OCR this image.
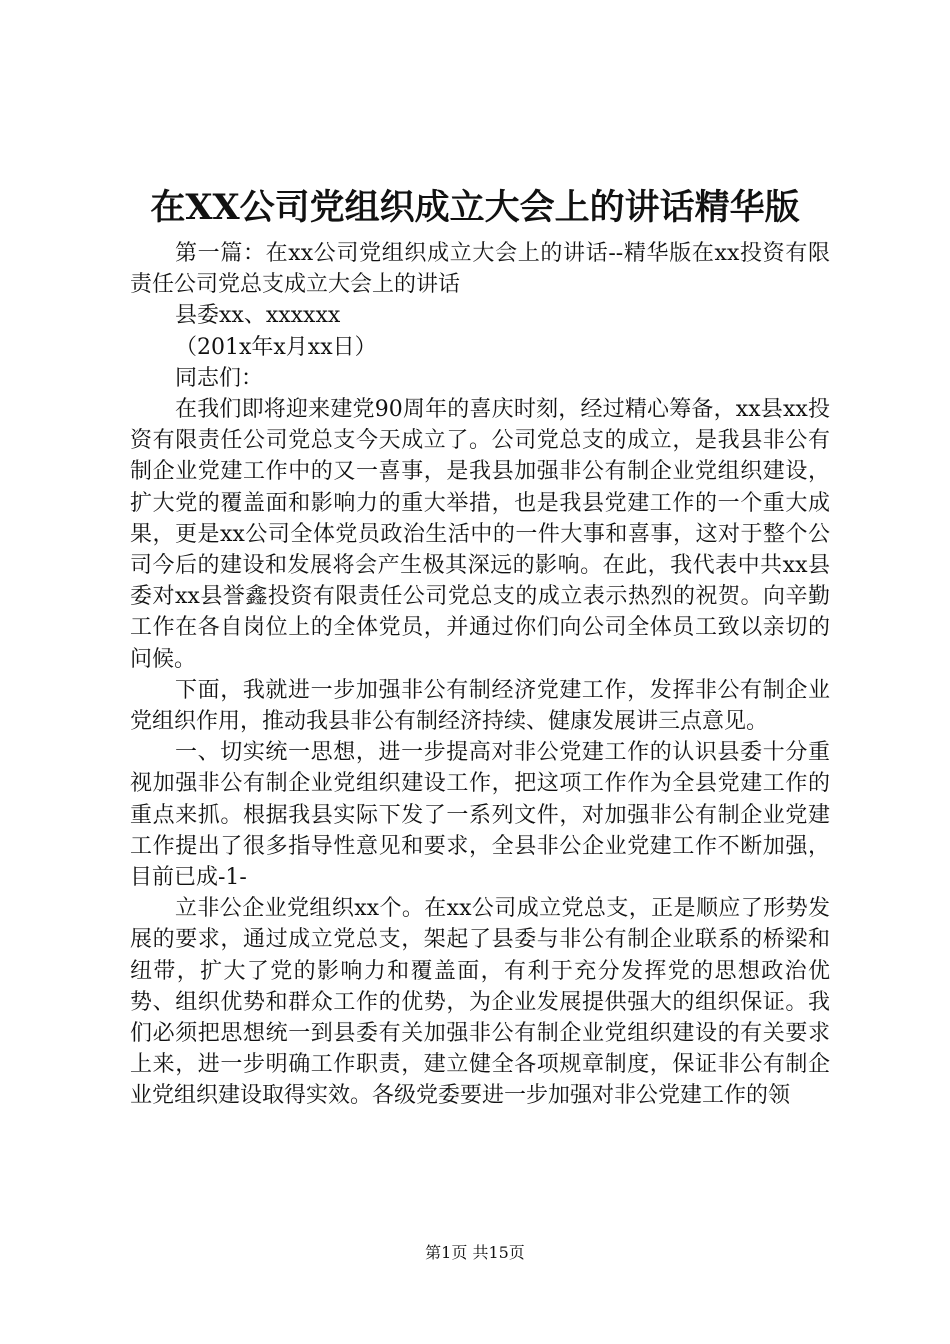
在XX公司党组织成立大会上的讲话精华版

第一篇：在xx公司党组织成立大会上的讲话--精华版在xx投资有限责任公司党总支成立大会上的讲话

县委xx、xxxxxx

（201x年x月xx日）

同志们：

在我们即将迎来建党90周年的喜庆时刻，经过精心筹备，xx县xx投资有限责任公司党总支今天成立了。公司党总支的成立，是我县非公有制企业党建工作中的又一喜事，是我县加强非公有制企业党组织建设，扩大党的覆盖面和影响力的重大举措，也是我县党建工作的一个重大成果，更是xx公司全体党员政治生活中的一件大事和喜事，这对于整个公司今后的建设和发展将会产生极其深远的影响。在此，我代表中共xx县委对xx县誉鑫投资有限责任公司党总支的成立表示热烈的祝贺。向辛勤工作在各自岗位上的全体党员，并通过你们向公司全体员工致以亲切的问候。

下面，我就进一步加强非公有制经济党建工作，发挥非公有制企业党组织作用，推动我县非公有制经济持续、健康发展讲三点意见。

一、切实统一思想，进一步提高对非公党建工作的认识县委十分重视加强非公有制企业党组织建设工作，把这项工作作为全县党建工作的重点来抓。根据我县实际下发了一系列文件，对加强非公有制企业党建工作提出了很多指导性意见和要求，全县非公企业党建工作不断加强，目前已成-1-

立非公企业党组织xx个。在xx公司成立党总支，正是顺应了形势发展的要求，通过成立党总支，架起了县委与非公有制企业联系的桥梁和纽带，扩大了党的影响力和覆盖面，有利于充分发挥党的思想政治优势、组织优势和群众工作的优势，为企业发展提供强大的组织保证。我们必须把思想统一到县委有关加强非公有制企业党组织建设的有关要求上来，进一步明确工作职责，建立健全各项规章制度，保证非公有制企业党组织建设取得实效。各级党委要进一步加强对非公党建工作的领

第1页 共15页
